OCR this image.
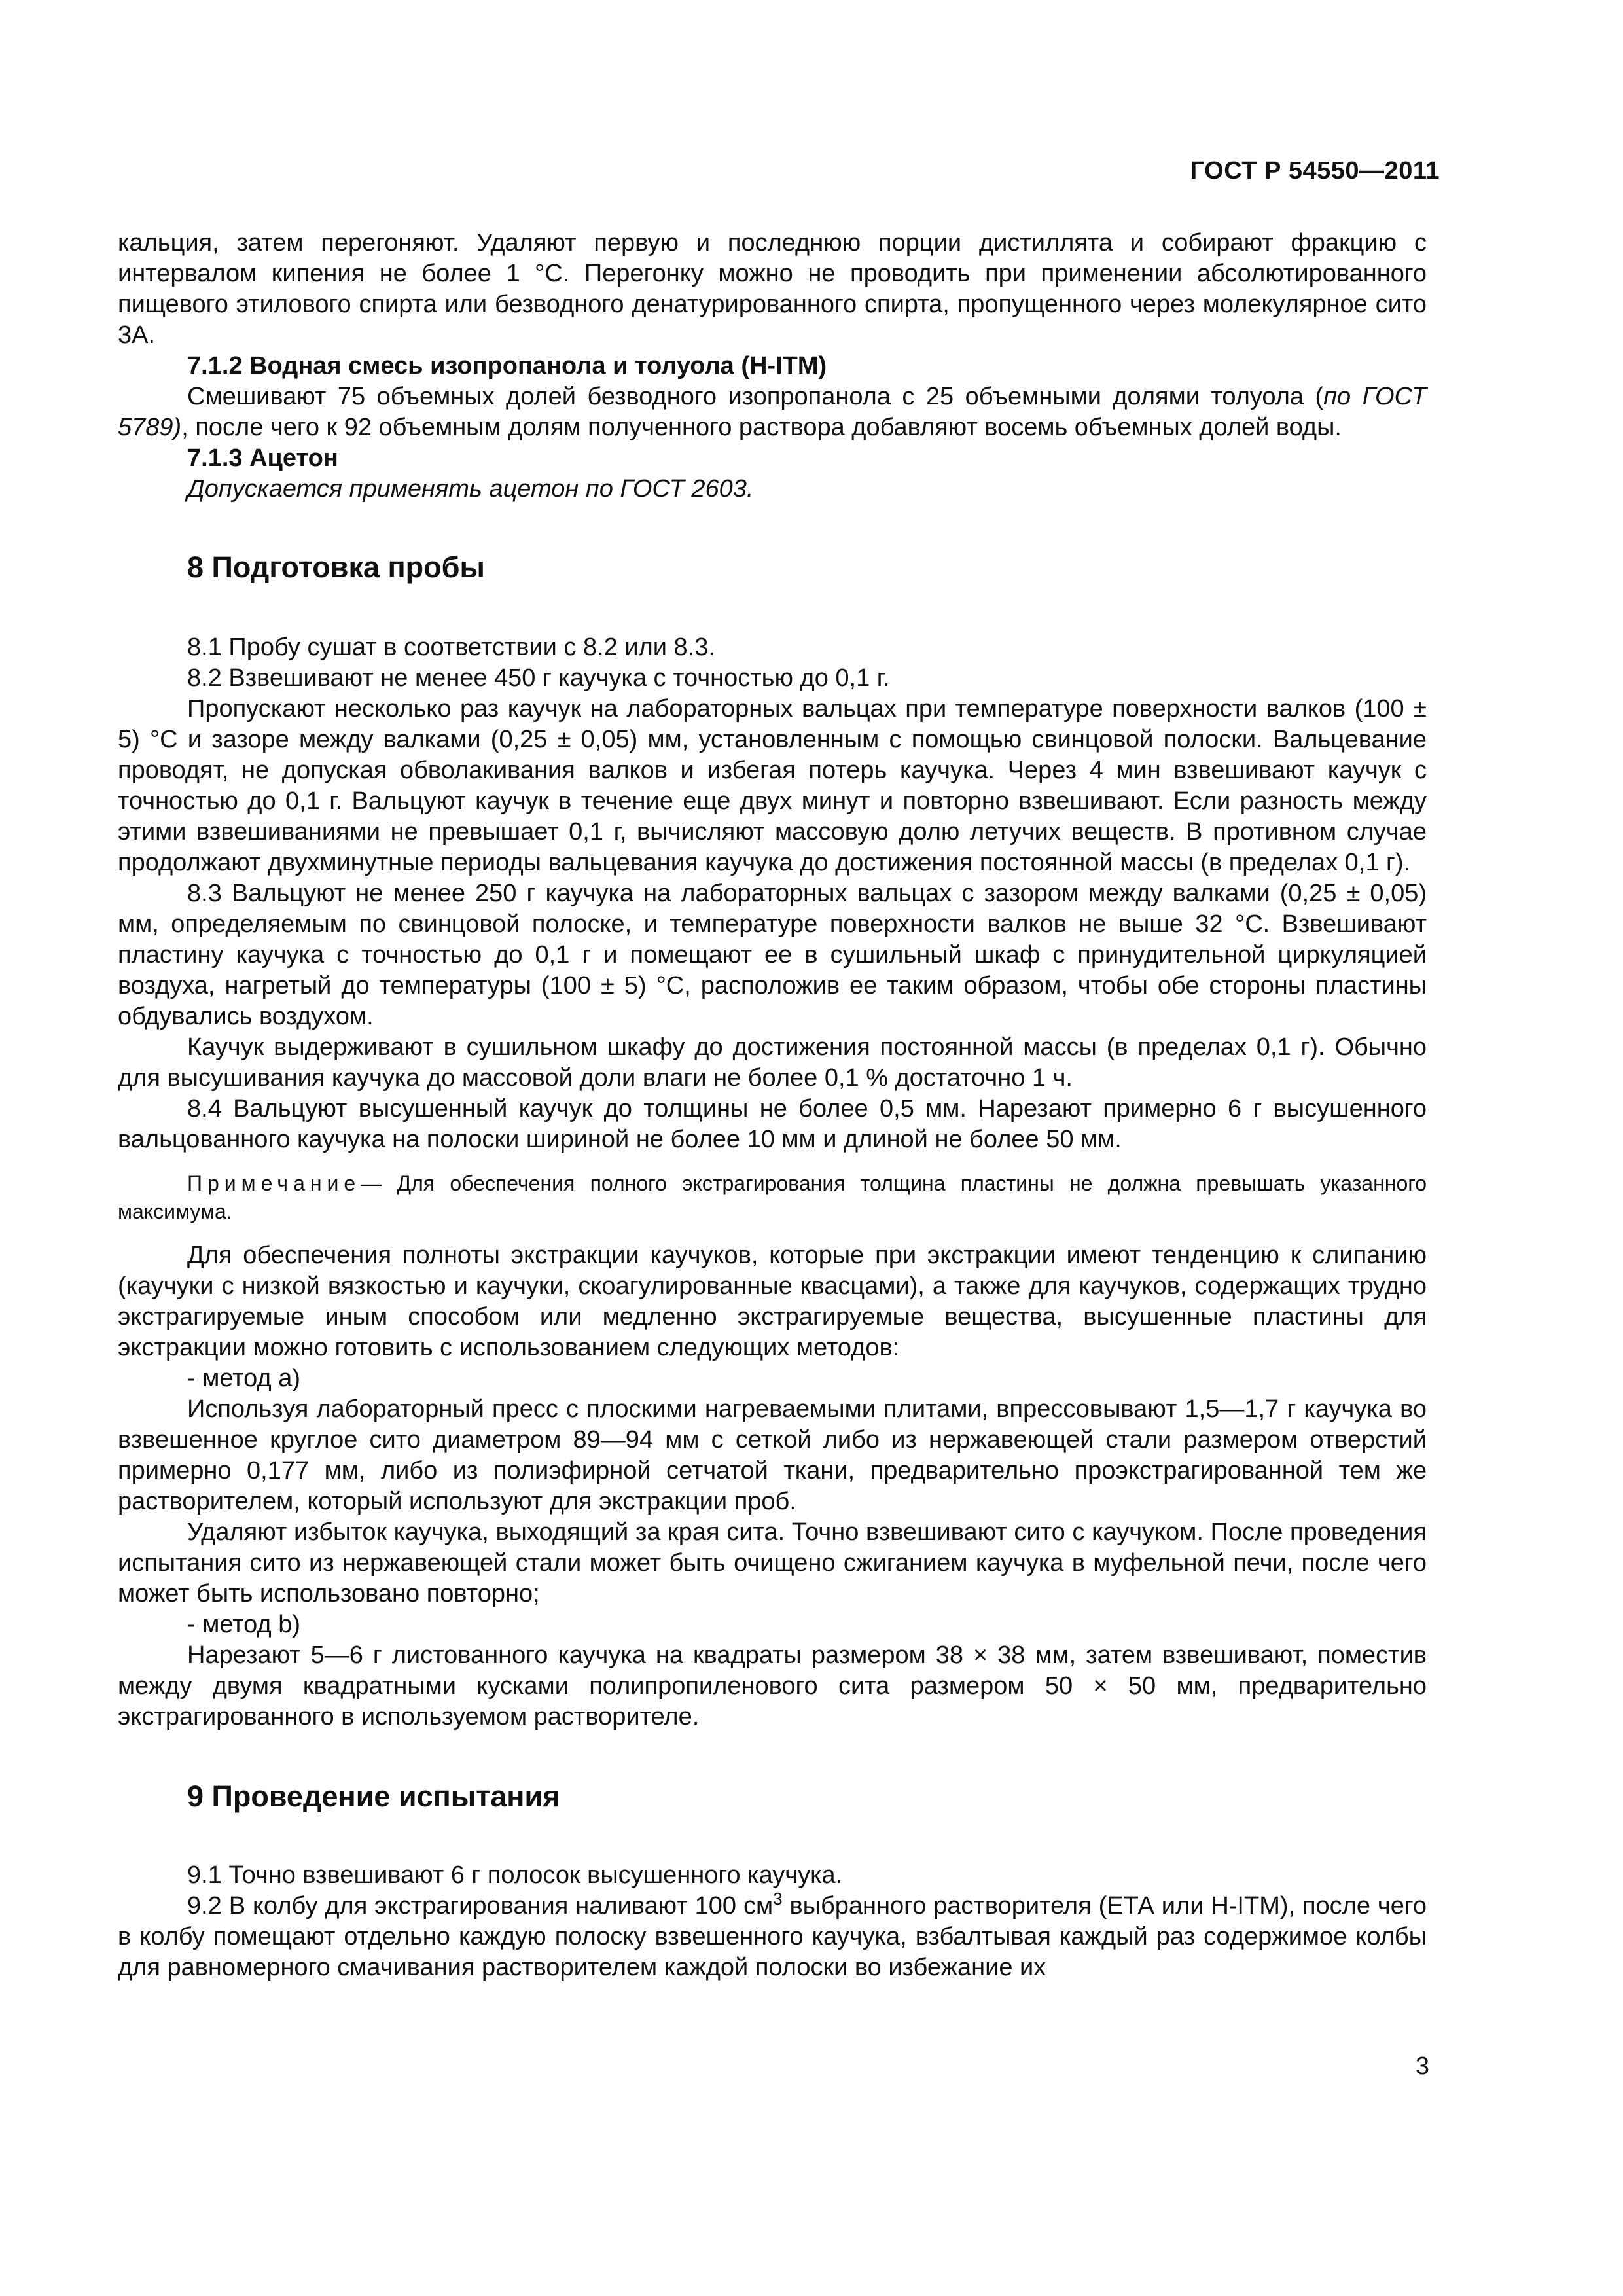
ГОСТ Р 54550—2011

кальция, затем перегоняют. Удаляют первую и последнюю порции дистиллята и собирают фракцию с интервалом кипения не более 1 °С. Перегонку можно не проводить при применении абсолютированного пищевого этилового спирта или безводного денатурированного спирта, пропущенного через молекулярное сито 3А.

7.1.2 Водная смесь изопропанола и толуола (H-ITM)

Смешивают 75 объемных долей безводного изопропанола с 25 объемными долями толуола (по ГОСТ 5789), после чего к 92 объемным долям полученного раствора добавляют восемь объемных долей воды.

7.1.3 Ацетон

Допускается применять ацетон по ГОСТ 2603.

8 Подготовка пробы

8.1 Пробу сушат в соответствии с 8.2 или 8.3.

8.2 Взвешивают не менее 450 г каучука с точностью до 0,1 г.

Пропускают несколько раз каучук на лабораторных вальцах при температуре поверхности валков (100 ± 5) °С и зазоре между валками (0,25 ± 0,05) мм, установленным с помощью свинцовой полоски. Вальцевание проводят, не допуская обволакивания валков и избегая потерь каучука. Через 4 мин взвешивают каучук с точностью до 0,1 г. Вальцуют каучук в течение еще двух минут и повторно взвешивают. Если разность между этими взвешиваниями не превышает 0,1 г, вычисляют массовую долю летучих веществ. В противном случае продолжают двухминутные периоды вальцевания каучука до достижения постоянной массы (в пределах 0,1 г).

8.3 Вальцуют не менее 250 г каучука на лабораторных вальцах с зазором между валками (0,25 ± 0,05) мм, определяемым по свинцовой полоске, и температуре поверхности валков не выше 32 °С. Взвешивают пластину каучука с точностью до 0,1 г и помещают ее в сушильный шкаф с принудительной циркуляцией воздуха, нагретый до температуры (100 ± 5) °С, расположив ее таким образом, чтобы обе стороны пластины обдувались воздухом.

Каучук выдерживают в сушильном шкафу до достижения постоянной массы (в пределах 0,1 г). Обычно для высушивания каучука до массовой доли влаги не более 0,1 % достаточно 1 ч.

8.4 Вальцуют высушенный каучук до толщины не более 0,5 мм. Нарезают примерно 6 г высушенного вальцованного каучука на полоски шириной не более 10 мм и длиной не более 50 мм.

Примечание— Для обеспечения полного экстрагирования толщина пластины не должна превышать указанного максимума.

Для обеспечения полноты экстракции каучуков, которые при экстракции имеют тенденцию к слипанию (каучуки с низкой вязкостью и каучуки, скоагулированные квасцами), а также для каучуков, содержащих трудно экстрагируемые иным способом или медленно экстрагируемые вещества, высушенные пластины для экстракции можно готовить с использованием следующих методов:

- метод а)

Используя лабораторный пресс с плоскими нагреваемыми плитами, впрессовывают 1,5—1,7 г каучука во взвешенное круглое сито диаметром 89—94 мм с сеткой либо из нержавеющей стали размером отверстий примерно 0,177 мм, либо из полиэфирной сетчатой ткани, предварительно проэкстрагированной тем же растворителем, который используют для экстракции проб.

Удаляют избыток каучука, выходящий за края сита. Точно взвешивают сито с каучуком. После проведения испытания сито из нержавеющей стали может быть очищено сжиганием каучука в муфельной печи, после чего может быть использовано повторно;

- метод b)

Нарезают 5—6 г листованного каучука на квадраты размером 38 × 38 мм, затем взвешивают, поместив между двумя квадратными кусками полипропиленового сита размером 50 × 50 мм, предварительно экстрагированного в используемом растворителе.

9 Проведение испытания

9.1 Точно взвешивают 6 г полосок высушенного каучука.

9.2 В колбу для экстрагирования наливают 100 $см^3$ выбранного растворителя (ЕТА или H-ITM), после чего в колбу помещают отдельно каждую полоску взвешенного каучука, взбалтывая каждый раз содержимое колбы для равномерного смачивания растворителем каждой полоски во избежание их

3
